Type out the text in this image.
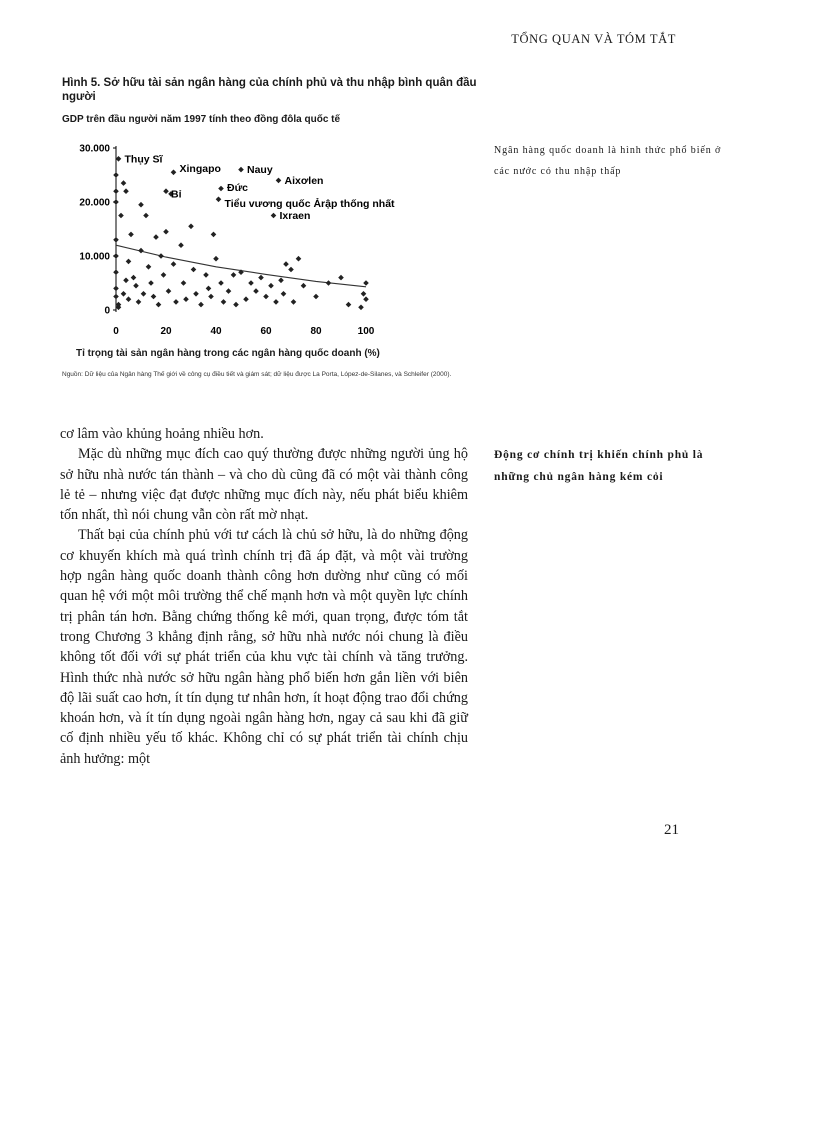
TỔNG QUAN VÀ TÓM TẮT
Hình 5. Sở hữu tài sản ngân hàng của chính phủ và thu nhập bình quân đầu người
GDP trên đầu người năm 1997 tính theo đồng đôla quốc tế
0
10.000
20.000
30.000
0	20	40	60	80	100
Thụy Sĩ
Xingapo Nauy
Aixơlen
Bỉ
Đức
Tiểu vương quốc Ảrập thống nhất
Ixraen
Tỉ trọng tài sản ngân hàng trong các ngân hàng quốc doanh (%)
Nguồn: Dữ liệu của Ngân hàng Thế giới về công cụ điều tiết và giám sát; dữ liệu được La Porta, López-de-Silanes, và Schleifer (2000).
Ngân hàng quốc doanh là hình thức phổ biến ở các nước có thu nhập thấp
Động cơ chính trị khiến chính phủ là những chủ ngân hàng kém cỏi

cơ lâm vào khủng hoảng nhiều hơn.

Mặc dù những mục đích cao quý thường được những người ủng hộ sở hữu nhà nước tán thành – và cho dù cũng đã có một vài thành công lẻ tẻ – nhưng việc đạt được những mục đích này, nếu phát biểu khiêm tốn nhất, thì nói chung vẫn còn rất mờ nhạt.

Thất bại của chính phủ với tư cách là chủ sở hữu, là do những động cơ khuyến khích mà quá trình chính trị đã áp đặt, và một vài trường hợp ngân hàng quốc doanh thành công hơn dường như cũng có mối quan hệ với một môi trường thể chế mạnh hơn và một quyền lực chính trị phân tán hơn. Bằng chứng thống kê mới, quan trọng, được tóm tắt trong Chương 3 khẳng định rằng, sở hữu nhà nước nói chung là điều không tốt đối với sự phát triển của khu vực tài chính và tăng trưởng. Hình thức nhà nước sở hữu ngân hàng phổ biến hơn gắn liền với biên độ lãi suất cao hơn, ít tín dụng tư nhân hơn, ít hoạt động trao đổi chứng khoán hơn, và ít tín dụng ngoài ngân hàng hơn, ngay cả sau khi đã giữ cố định nhiều yếu tố khác. Không chỉ có sự phát triển tài chính chịu ảnh hưởng: một

21
